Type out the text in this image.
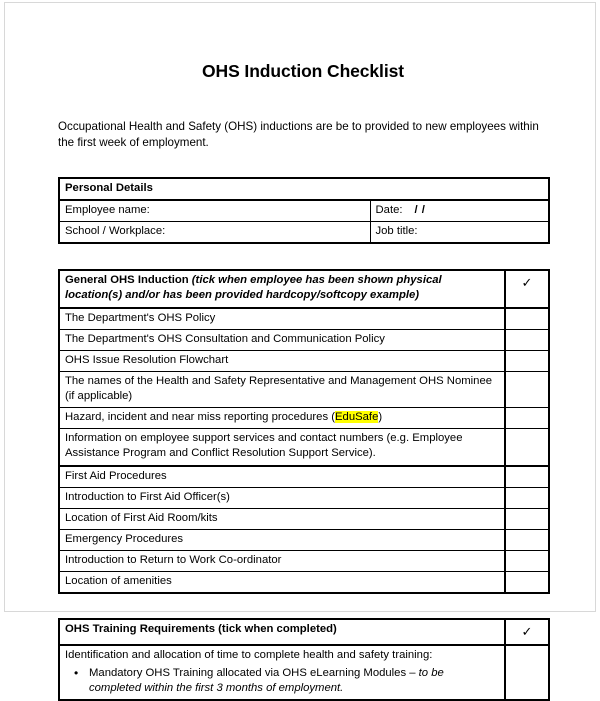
OHS Induction Checklist

Occupational Health and Safety (OHS) inductions are be to provided to new employees within the first week of employment.

Personal Details	
Employee name:	Date: / /
School / Workplace:	Job title:
General OHS Induction (tick when employee has been shown physical location(s) and/or has been provided hardcopy/softcopy example)	✓
The Department's OHS Policy	
The Department's OHS Consultation and Communication Policy	
OHS Issue Resolution Flowchart	
The names of the Health and Safety Representative and Management OHS Nominee (if applicable)	
Hazard, incident and near miss reporting procedures (EduSafe)	
Information on employee support services and contact numbers (e.g. Employee Assistance Program and Conflict Resolution Support Service).	
First Aid Procedures	
Introduction to First Aid Officer(s)	
Location of First Aid Room/kits	
Emergency Procedures	
Introduction to Return to Work Co-ordinator	
Location of amenities	
OHS Training Requirements (tick when completed)	✓

Identification and allocation of time to complete health and safety training:
• Mandatory OHS Training allocated via OHS eLearning Modules – to be completed within the first 3 months of employment.	
